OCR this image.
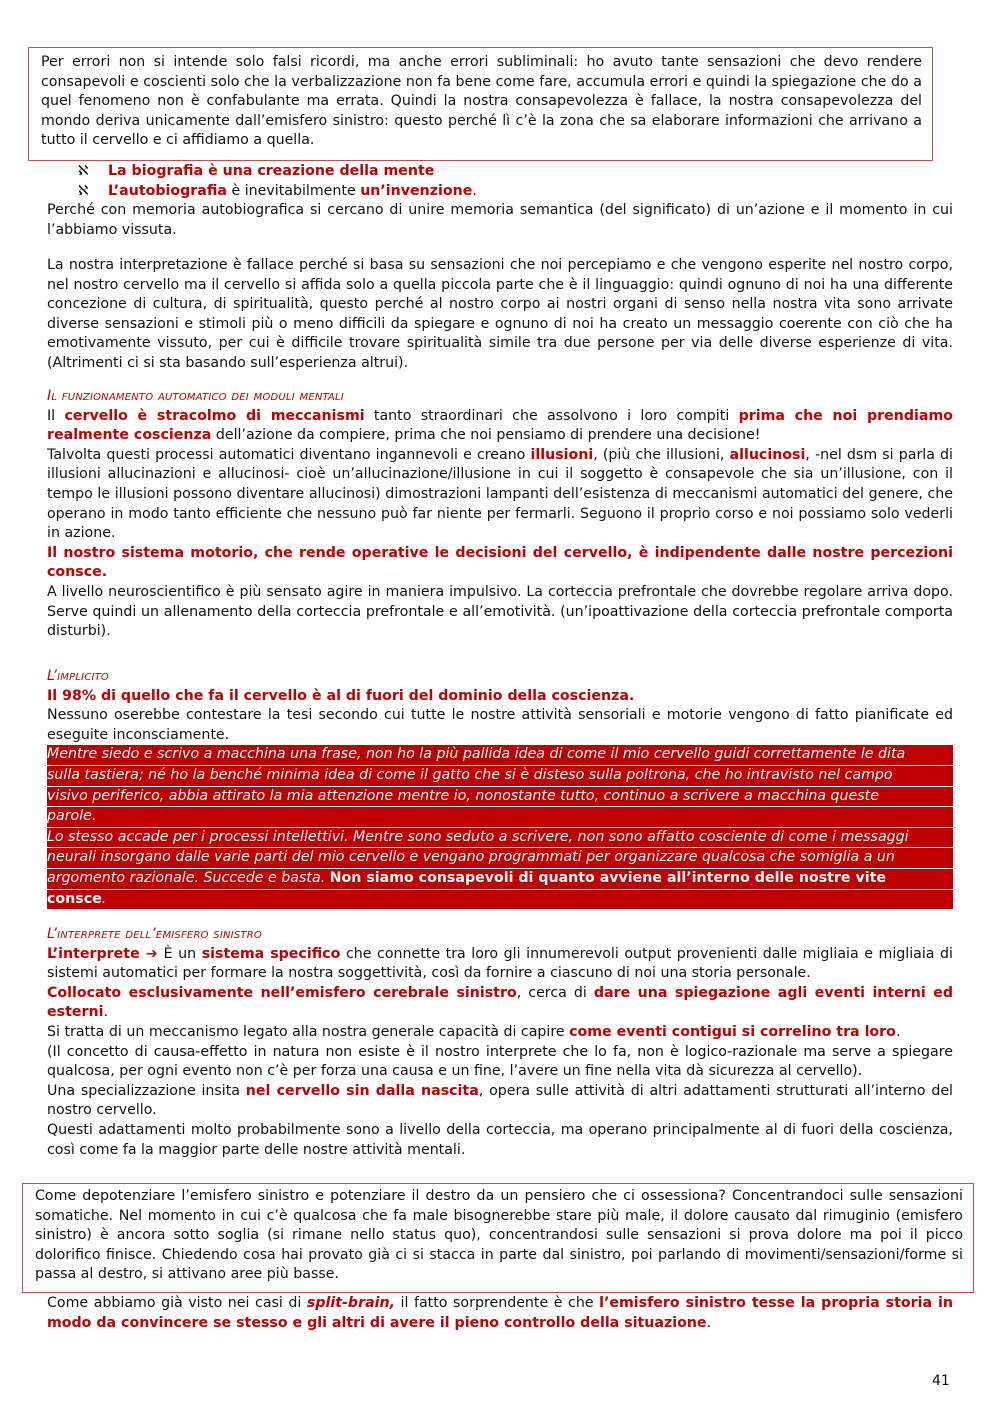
Per errori non si intende solo falsi ricordi, ma anche errori subliminali: ho avuto tante sensazioni che devo rendere consapevoli e coscienti solo che la verbalizzazione non fa bene come fare, accumula errori e quindi la spiegazione che do a quel fenomeno non è confabulante ma errata. Quindi la nostra consapevolezza è fallace, la nostra consapevolezza del mondo deriva unicamente dall’emisfero sinistro: questo perché lì c’è la zona che sa elaborare informazioni che arrivano a tutto il cervello e ci affidiamo a quella.

ℵ	La biografia è una creazione della mente
ℵ	L’autobiografia è inevitabilmente un’invenzione.

Perché con memoria autobiografica si cercano di unire memoria semantica (del significato) di un’azione e il momento in cui l’abbiamo vissuta.

La nostra interpretazione è fallace perché si basa su sensazioni che noi percepiamo e che vengono esperite nel nostro corpo, nel nostro cervello ma il cervello si affida solo a quella piccola parte che è il linguaggio: quindi ognuno di noi ha una differente concezione di cultura, di spiritualità, questo perché al nostro corpo ai nostri organi di senso nella nostra vita sono arrivate diverse sensazioni e stimoli più o meno difficili da spiegare e ognuno di noi ha creato un messaggio coerente con ciò che ha emotivamente vissuto, per cui è difficile trovare spiritualità simile tra due persone per via delle diverse esperienze di vita. (Altrimenti ci si sta basando sull’esperienza altrui).

Il funzionamento automatico dei moduli mentali

Il cervello è stracolmo di meccanismi tanto straordinari che assolvono i loro compiti prima che noi prendiamo realmente coscienza dell’azione da compiere, prima che noi pensiamo di prendere una decisione!

Talvolta questi processi automatici diventano ingannevoli e creano illusioni, (più che illusioni, allucinosi, -nel dsm si parla di illusioni allucinazioni e allucinosi- cioè un’allucinazione/illusione in cui il soggetto è consapevole che sia un’illusione, con il tempo le illusioni possono diventare allucinosi) dimostrazioni lampanti dell’esistenza di meccanismi automatici del genere, che operano in modo tanto efficiente che nessuno può far niente per fermarli. Seguono il proprio corso e noi possiamo solo vederli in azione.

Il nostro sistema motorio, che rende operative le decisioni del cervello, è indipendente dalle nostre percezioni consce.

A livello neuroscientifico è più sensato agire in maniera impulsivo. La corteccia prefrontale che dovrebbe regolare arriva dopo. Serve quindi un allenamento della corteccia prefrontale e all’emotività. (un’ipoattivazione della corteccia prefrontale comporta disturbi).

L’implicito

Il 98% di quello che fa il cervello è al di fuori del dominio della coscienza.

Nessuno oserebbe contestare la tesi secondo cui tutte le nostre attività sensoriali e motorie vengono di fatto pianificate ed eseguite inconsciamente.

Mentre siedo e scrivo a macchina una frase, non ho la più pallida idea di come il mio cervello guidi correttamente le dita
sulla tastiera; né ho la benché minima idea di come il gatto che si è disteso sulla poltrona, che ho intravisto nel campo
visivo periferico, abbia attirato la mia attenzione mentre io, nonostante tutto, continuo a scrivere a macchina queste
parole.
Lo stesso accade per i processi intellettivi. Mentre sono seduto a scrivere, non sono affatto cosciente di come i messaggi
neurali insorgano dalle varie parti del mio cervello e vengano programmati per organizzare qualcosa che somiglia a un
argomento razionale. Succede e basta. Non siamo consapevoli di quanto avviene all’interno delle nostre vite
consce.
L’interprete dell’emisfero sinistro

L’interprete ➔ È un sistema specifico che connette tra loro gli innumerevoli output provenienti dalle migliaia e migliaia di sistemi automatici per formare la nostra soggettività, così da fornire a ciascuno di noi una storia personale.

Collocato esclusivamente nell’emisfero cerebrale sinistro, cerca di dare una spiegazione agli eventi interni ed esterni.

Si tratta di un meccanismo legato alla nostra generale capacità di capire come eventi contigui si correlino tra loro.

(Il concetto di causa-effetto in natura non esiste è il nostro interprete che lo fa, non è logico-razionale ma serve a spiegare qualcosa, per ogni evento non c’è per forza una causa e un fine, l’avere un fine nella vita dà sicurezza al cervello).

Una specializzazione insita nel cervello sin dalla nascita, opera sulle attività di altri adattamenti strutturati all’interno del nostro cervello.

Questi adattamenti molto probabilmente sono a livello della corteccia, ma operano principalmente al di fuori della coscienza, così come fa la maggior parte delle nostre attività mentali.

Come depotenziare l’emisfero sinistro e potenziare il destro da un pensiero che ci ossessiona? Concentrandoci sulle sensazioni somatiche. Nel momento in cui c’è qualcosa che fa male bisognerebbe stare più male, il dolore causato dal rimuginio (emisfero sinistro) è ancora sotto soglia (si rimane nello status quo), concentrandosi sulle sensazioni si prova dolore ma poi il picco dolorifico finisce. Chiedendo cosa hai provato già ci si stacca in parte dal sinistro, poi parlando di movimenti/sensazioni/forme si passa al destro, si attivano aree più basse.

Come abbiamo già visto nei casi di split-brain, il fatto sorprendente è che l’emisfero sinistro tesse la propria storia in modo da convincere se stesso e gli altri di avere il pieno controllo della situazione.

41
